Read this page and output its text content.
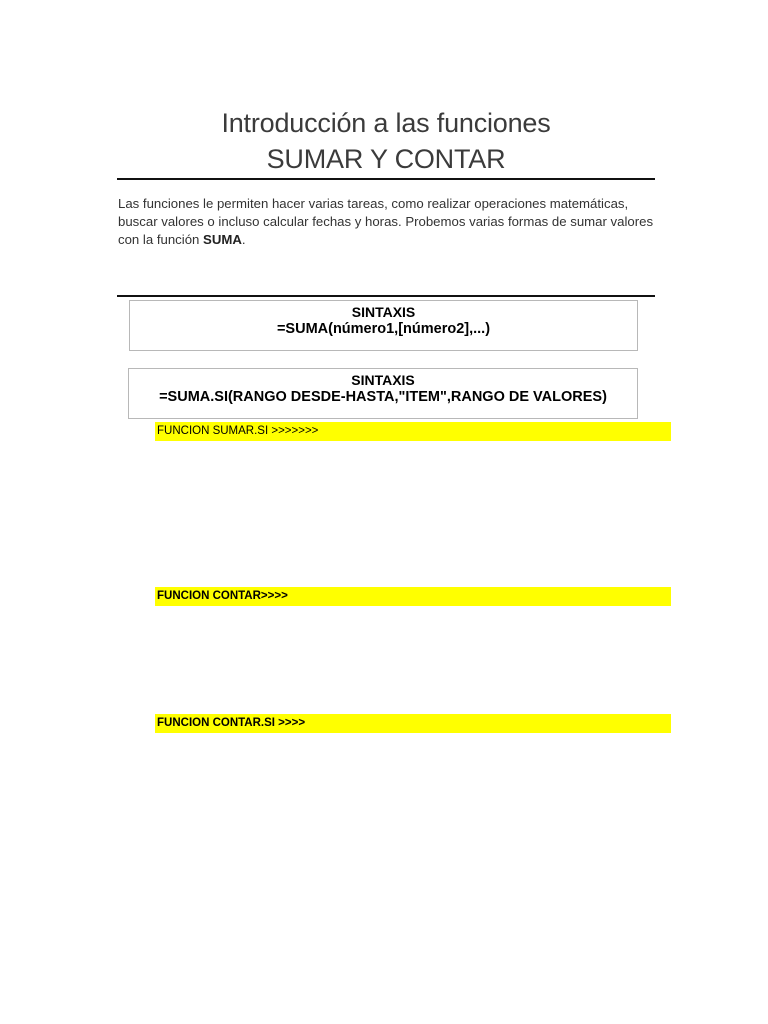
Introducción a las funciones
SUMAR Y CONTAR
Las funciones le permiten hacer varias tareas, como realizar operaciones matemáticas, buscar valores o incluso calcular fechas y horas. Probemos varias formas de sumar valores con la función SUMA.
SINTAXIS
=SUMA(número1,[número2],...)
SINTAXIS
=SUMA.SI(RANGO DESDE-HASTA,"ITEM",RANGO DE VALORES)
FUNCION SUMAR.SI >>>>>>>
FUNCION CONTAR>>>>
FUNCION CONTAR.SI >>>>
